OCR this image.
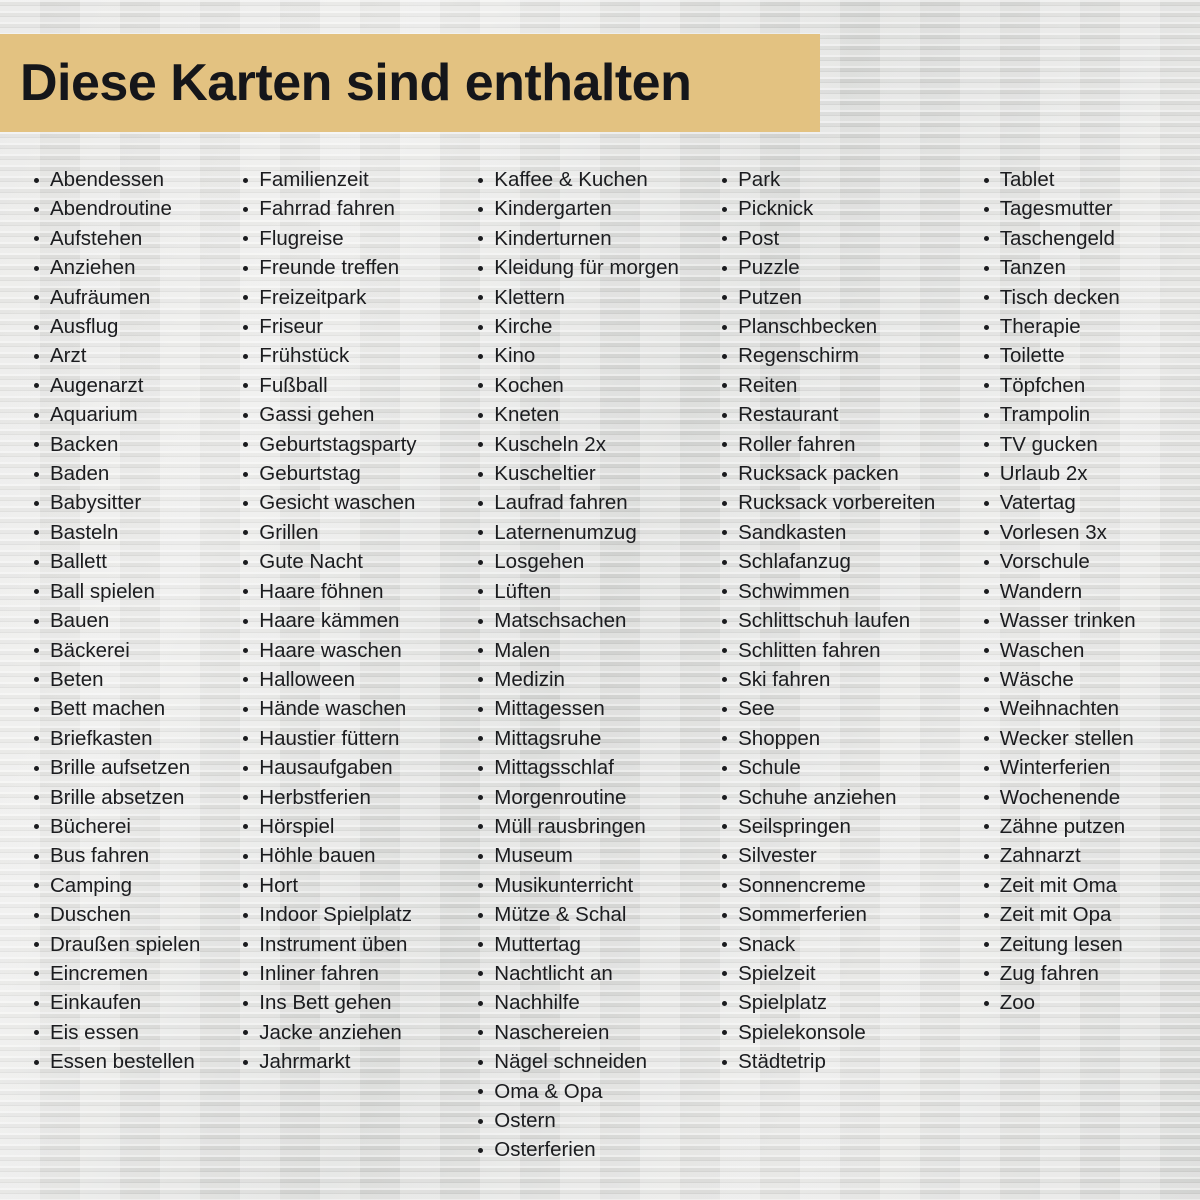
Diese Karten sind enthalten
Abendessen
Abendroutine
Aufstehen
Anziehen
Aufräumen
Ausflug
Arzt
Augenarzt
Aquarium
Backen
Baden
Babysitter
Basteln
Ballett
Ball spielen
Bauen
Bäckerei
Beten
Bett machen
Briefkasten
Brille aufsetzen
Brille absetzen
Bücherei
Bus fahren
Camping
Duschen
Draußen spielen
Eincremen
Einkaufen
Eis essen
Essen bestellen
Familienzeit
Fahrrad fahren
Flugreise
Freunde treffen
Freizeitpark
Friseur
Frühstück
Fußball
Gassi gehen
Geburtstagsparty
Geburtstag
Gesicht waschen
Grillen
Gute Nacht
Haare föhnen
Haare kämmen
Haare waschen
Halloween
Hände waschen
Haustier füttern
Hausaufgaben
Herbstferien
Hörspiel
Höhle bauen
Hort
Indoor Spielplatz
Instrument üben
Inliner fahren
Ins Bett gehen
Jacke anziehen
Jahrmarkt
Kaffee & Kuchen
Kindergarten
Kinderturnen
Kleidung für morgen
Klettern
Kirche
Kino
Kochen
Kneten
Kuscheln 2x
Kuscheltier
Laufrad fahren
Laternenumzug
Losgehen
Lüften
Matschsachen
Malen
Medizin
Mittagessen
Mittagsruhe
Mittagsschlaf
Morgenroutine
Müll rausbringen
Museum
Musikunterricht
Mütze & Schal
Muttertag
Nachtlicht an
Nachhilfe
Naschereien
Nägel schneiden
Oma & Opa
Ostern
Osterferien
Park
Picknick
Post
Puzzle
Putzen
Planschbecken
Regenschirm
Reiten
Restaurant
Roller fahren
Rucksack packen
Rucksack vorbereiten
Sandkasten
Schlafanzug
Schwimmen
Schlittschuh laufen
Schlitten fahren
Ski fahren
See
Shoppen
Schule
Schuhe anziehen
Seilspringen
Silvester
Sonnencreme
Sommerferien
Snack
Spielzeit
Spielplatz
Spielekonsole
Städtetrip
Tablet
Tagesmutter
Taschengeld
Tanzen
Tisch decken
Therapie
Toilette
Töpfchen
Trampolin
TV gucken
Urlaub 2x
Vatertag
Vorlesen 3x
Vorschule
Wandern
Wasser trinken
Waschen
Wäsche
Weihnachten
Wecker stellen
Winterferien
Wochenende
Zähne putzen
Zahnarzt
Zeit mit Oma
Zeit mit Opa
Zeitung lesen
Zug fahren
Zoo
